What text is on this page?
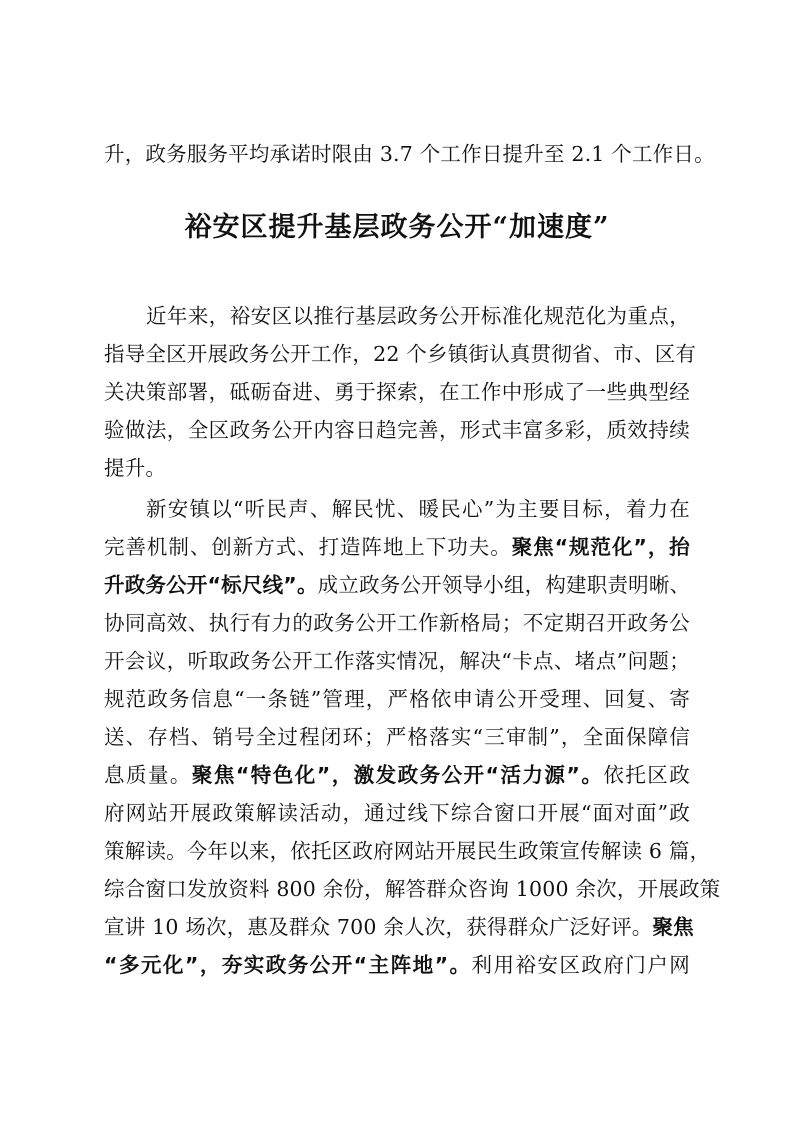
升，政务服务平均承诺时限由 3.7 个工作日提升至 2.1 个工作日。
裕安区提升基层政务公开“加速度”
近年来，裕安区以推行基层政务公开标准化规范化为重点，
指导全区开展政务公开工作，22 个乡镇街认真贯彻省、市、区有
关决策部署，砥砺奋进、勇于探索，在工作中形成了一些典型经
验做法，全区政务公开内容日趋完善，形式丰富多彩，质效持续
提升。
新安镇以“听民声、解民忧、暖民心”为主要目标，着力在
完善机制、创新方式、打造阵地上下功夫。聚焦“规范化”，抬
升政务公开“标尺线”。成立政务公开领导小组，构建职责明晰、
协同高效、执行有力的政务公开工作新格局；不定期召开政务公
开会议，听取政务公开工作落实情况，解决“卡点、堵点”问题；
规范政务信息“一条链”管理，严格依申请公开受理、回复、寄
送、存档、销号全过程闭环；严格落实“三审制”，全面保障信
息质量。聚焦“特色化”，激发政务公开“活力源”。依托区政
府网站开展政策解读活动，通过线下综合窗口开展“面对面”政
策解读。今年以来，依托区政府网站开展民生政策宣传解读 6 篇，
综合窗口发放资料 800 余份，解答群众咨询 1000 余次，开展政策
宣讲 10 场次，惠及群众 700 余人次，获得群众广泛好评。聚焦
“多元化”，夯实政务公开“主阵地”。利用裕安区政府门户网
